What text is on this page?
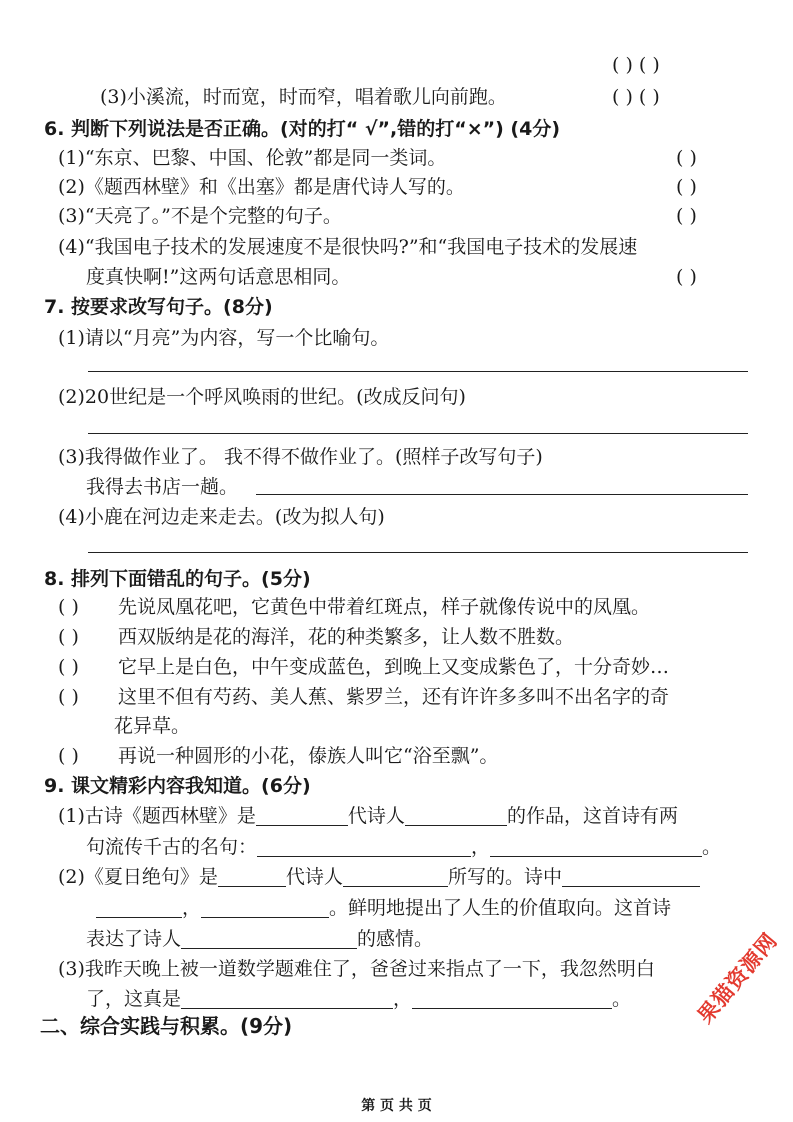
( ) ( )
(3)小溪流，时而宽，时而窄，唱着歌儿向前跑。	( ) ( )
6. 判断下列说法是否正确。(对的打“ √”,错的打“×”) (4分)
(1)“东京、巴黎、中国、伦敦”都是同一类词。	( )
(2)《题西林壁》和《出塞》都是唐代诗人写的。	( )
(3)“天亮了。”不是个完整的句子。	( )
(4)“我国电子技术的发展速度不是很快吗?”和“我国电子技术的发展速
度真快啊!”这两句话意思相同。	( )
7. 按要求改写句子。(8分)
(1)请以“月亮”为内容，写一个比喻句。
(2)20世纪是一个呼风唤雨的世纪。(改成反问句)
(3)我得做作业了。 我不得不做作业了。(照样子改写句子)
我得去书店一趟。
(4)小鹿在河边走来走去。(改为拟人句)
8. 排列下面错乱的句子。(5分)
( ) 先说凤凰花吧，它黄色中带着红斑点，样子就像传说中的凤凰。
( ) 西双版纳是花的海洋，花的种类繁多，让人数不胜数。
( ) 它早上是白色，中午变成蓝色，到晚上又变成紫色了，十分奇妙…
( ) 这里不但有芍药、美人蕉、紫罗兰，还有许许多多叫不出名字的奇
花异草。
( ) 再说一种圆形的小花，傣族人叫它“浴至飘”。
9. 课文精彩内容我知道。(6分)
(1)古诗《题西林壁》是	代诗人	的作品，这首诗有两
句流传千古的名句：	，	。
(2)《夏日绝句》是	代诗人	所写的。诗中
，	。鲜明地提出了人生的价值取向。这首诗
表达了诗人	的感情。
(3)我昨天晚上被一道数学题难住了，爸爸过来指点了一下，我忽然明白
了，这真是	，	。
二、综合实践与积累。(9分)	果猫资源网
第 页 共 页
